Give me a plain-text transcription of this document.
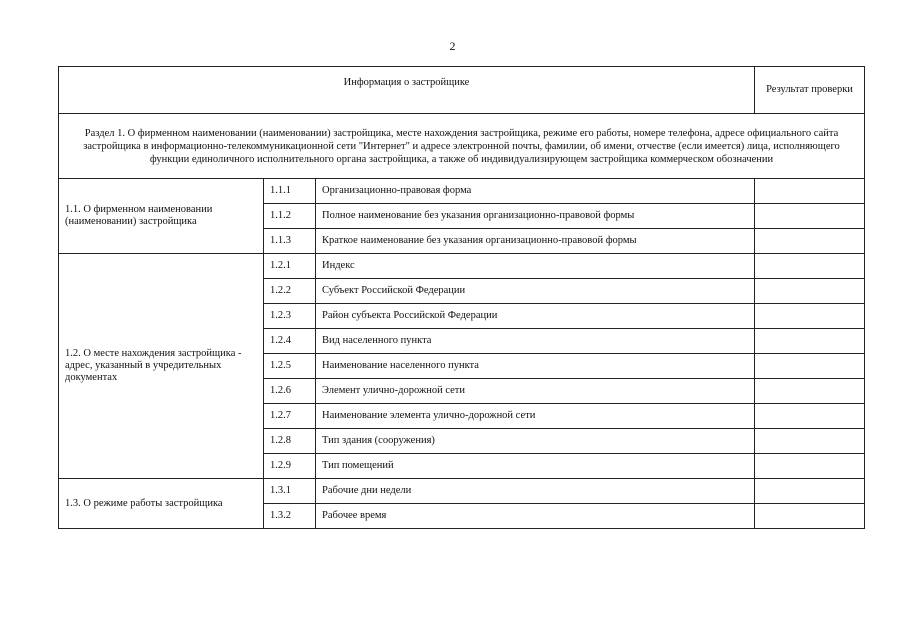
2
Информация о застройщике			Результат проверки
Раздел 1. О фирменном наименовании (наименовании) застройщика, месте нахождения застройщика, режиме его работы, номере телефона, адресе официального сайта застройщика в информационно-телекоммуникационной сети "Интернет" и адресе электронной почты, фамилии, об имени, отчестве (если имеется) лица, исполняющего функции единоличного исполнительного органа застройщика, а также об индивидуализирующем застройщика коммерческом обозначении			
1.1. О фирменном наименовании (наименовании) застройщика	1.1.1	Организационно-правовая форма	
	1.1.2	Полное наименование без указания организационно-правовой формы	
	1.1.3	Краткое наименование без указания организационно-правовой формы	
1.2. О месте нахождения застройщика - адрес, указанный в учредительных документах	1.2.1	Индекс	
	1.2.2	Субъект Российской Федерации	
	1.2.3	Район субъекта Российской Федерации	
	1.2.4	Вид населенного пункта	
	1.2.5	Наименование населенного пункта	
	1.2.6	Элемент улично-дорожной сети	
	1.2.7	Наименование элемента улично-дорожной сети	
	1.2.8	Тип здания (сооружения)	
	1.2.9	Тип помещений	
1.3. О режиме работы застройщика	1.3.1	Рабочие дни недели	
	1.3.2	Рабочее время	
